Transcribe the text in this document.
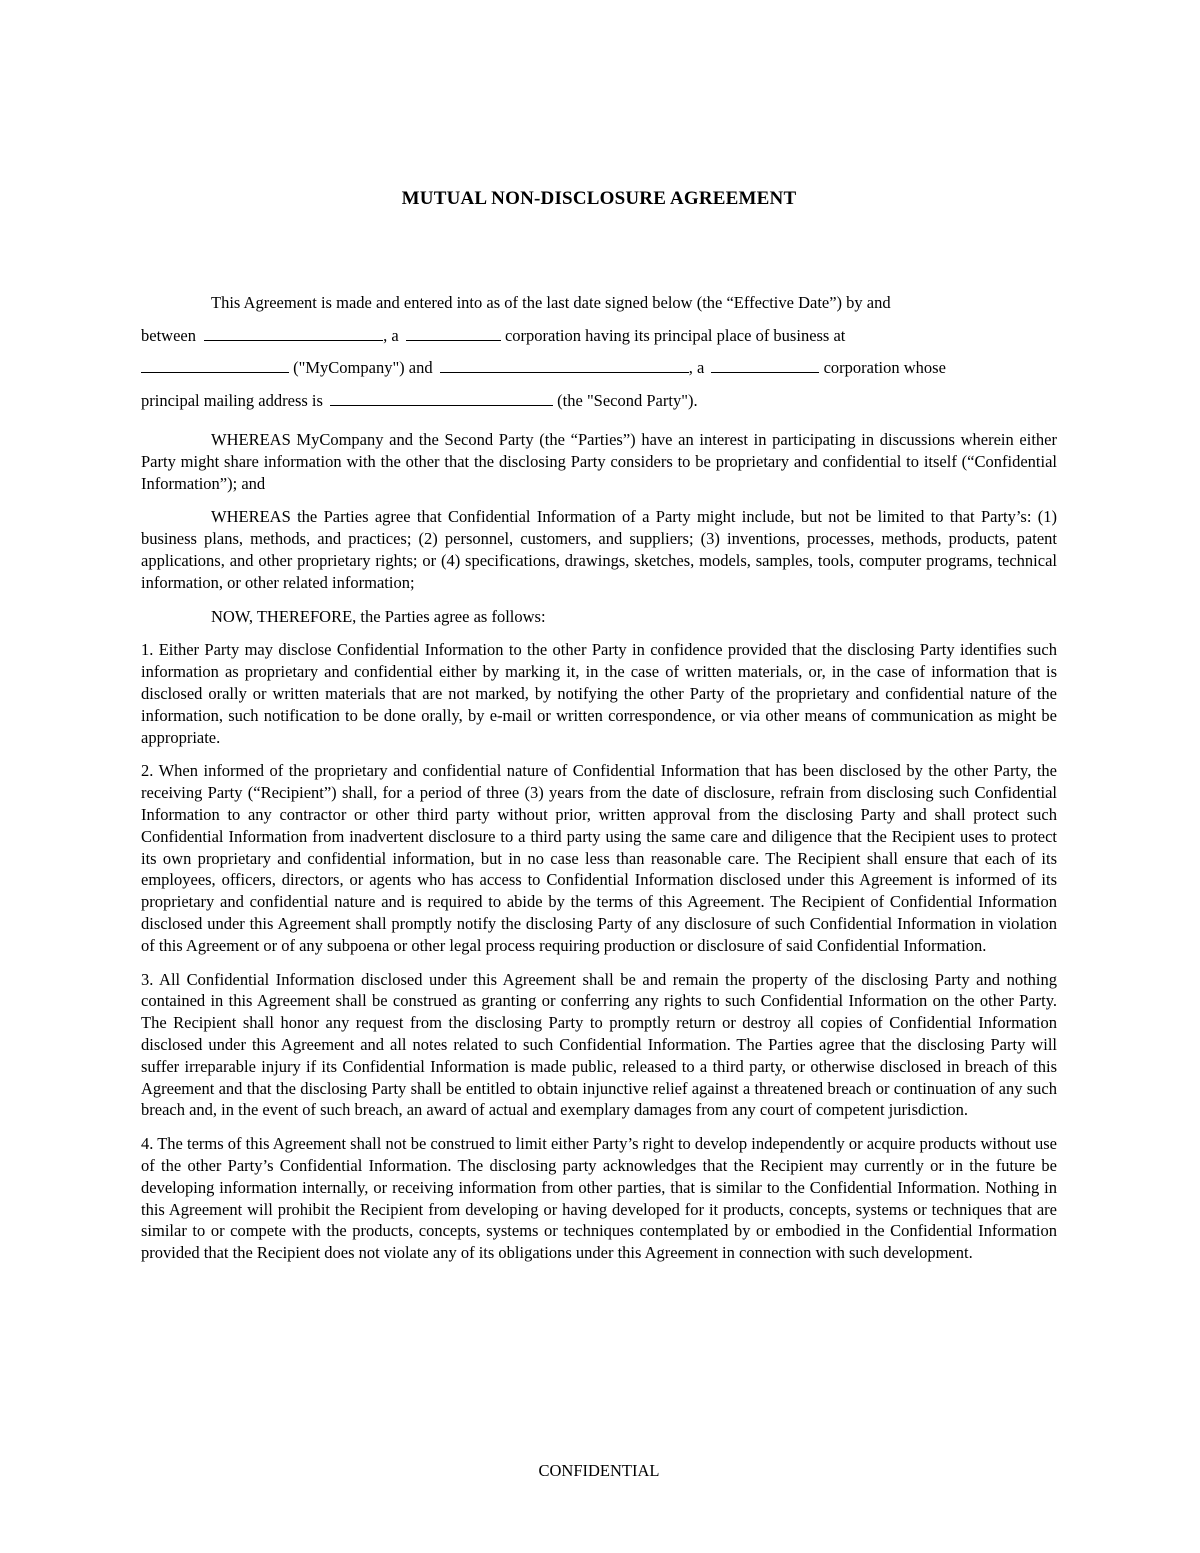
MUTUAL NON-DISCLOSURE AGREEMENT
This Agreement is made and entered into as of the last date signed below (the “Effective Date”) by and
between	, a	corporation having its principal place of business at
("MyCompany") and	, a	corporation whose
principal mailing address is	(the "Second Party").

WHEREAS MyCompany and the Second Party (the “Parties”) have an interest in participating in discussions wherein either Party might share information with the other that the disclosing Party considers to be proprietary and confidential to itself (“Confidential Information”); and

WHEREAS the Parties agree that Confidential Information of a Party might include, but not be limited to that Party’s: (1) business plans, methods, and practices; (2) personnel, customers, and suppliers; (3) inventions, processes, methods, products, patent applications, and other proprietary rights; or (4) specifications, drawings, sketches, models, samples, tools, computer programs, technical information, or other related information;

NOW, THEREFORE, the Parties agree as follows:

1. Either Party may disclose Confidential Information to the other Party in confidence provided that the disclosing Party identifies such information as proprietary and confidential either by marking it, in the case of written materials, or, in the case of information that is disclosed orally or written materials that are not marked, by notifying the other Party of the proprietary and confidential nature of the information, such notification to be done orally, by e-mail or written correspondence, or via other means of communication as might be appropriate.

2. When informed of the proprietary and confidential nature of Confidential Information that has been disclosed by the other Party, the receiving Party (“Recipient”) shall, for a period of three (3) years from the date of disclosure, refrain from disclosing such Confidential Information to any contractor or other third party without prior, written approval from the disclosing Party and shall protect such Confidential Information from inadvertent disclosure to a third party using the same care and diligence that the Recipient uses to protect its own proprietary and confidential information, but in no case less than reasonable care. The Recipient shall ensure that each of its employees, officers, directors, or agents who has access to Confidential Information disclosed under this Agreement is informed of its proprietary and confidential nature and is required to abide by the terms of this Agreement. The Recipient of Confidential Information disclosed under this Agreement shall promptly notify the disclosing Party of any disclosure of such Confidential Information in violation of this Agreement or of any subpoena or other legal process requiring production or disclosure of said Confidential Information.

3. All Confidential Information disclosed under this Agreement shall be and remain the property of the disclosing Party and nothing contained in this Agreement shall be construed as granting or conferring any rights to such Confidential Information on the other Party. The Recipient shall honor any request from the disclosing Party to promptly return or destroy all copies of Confidential Information disclosed under this Agreement and all notes related to such Confidential Information. The Parties agree that the disclosing Party will suffer irreparable injury if its Confidential Information is made public, released to a third party, or otherwise disclosed in breach of this Agreement and that the disclosing Party shall be entitled to obtain injunctive relief against a threatened breach or continuation of any such breach and, in the event of such breach, an award of actual and exemplary damages from any court of competent jurisdiction.

4. The terms of this Agreement shall not be construed to limit either Party’s right to develop independently or acquire products without use of the other Party’s Confidential Information. The disclosing party acknowledges that the Recipient may currently or in the future be developing information internally, or receiving information from other parties, that is similar to the Confidential Information. Nothing in this Agreement will prohibit the Recipient from developing or having developed for it products, concepts, systems or techniques that are similar to or compete with the products, concepts, systems or techniques contemplated by or embodied in the Confidential Information provided that the Recipient does not violate any of its obligations under this Agreement in connection with such development.

CONFIDENTIAL
